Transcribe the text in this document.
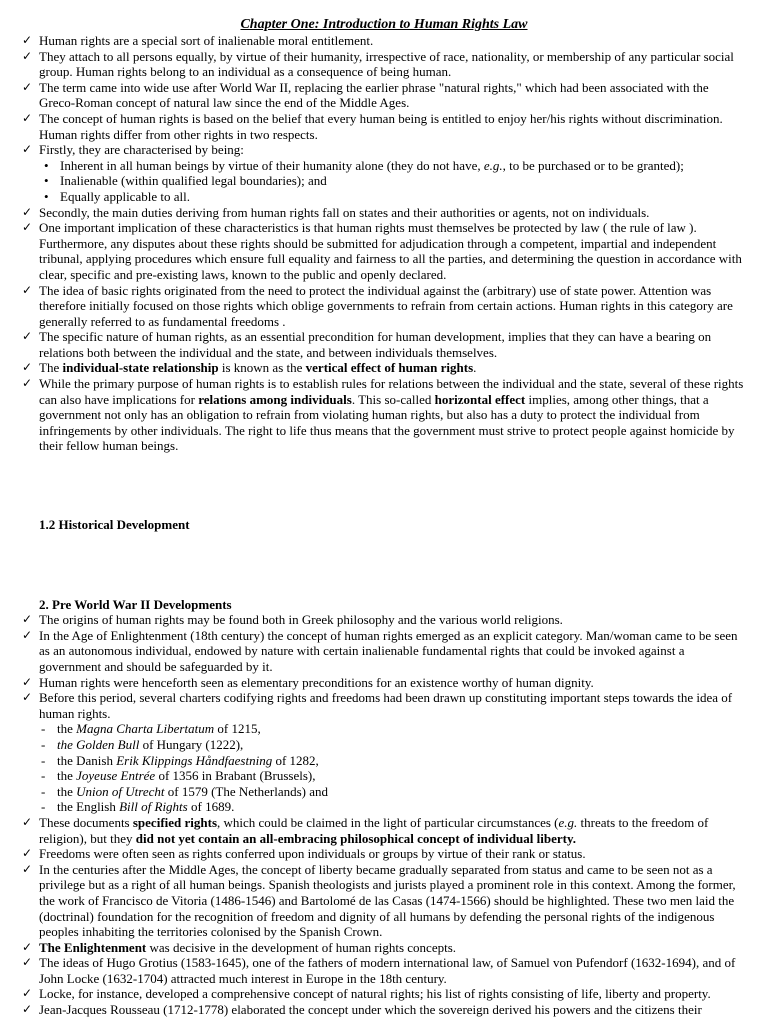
Chapter One: Introduction to Human Rights Law
✓ Human rights are a special sort of inalienable moral entitlement.
✓ They attach to all persons equally, by virtue of their humanity, irrespective of race, nationality, or membership of any particular social group. Human rights belong to an individual as a consequence of being human.
✓ The term came into wide use after World War II, replacing the earlier phrase "natural rights," which had been associated with the Greco-Roman concept of natural law since the end of the Middle Ages.
✓ The concept of human rights is based on the belief that every human being is entitled to enjoy her/his rights without discrimination. Human rights differ from other rights in two respects.
✓ Firstly, they are characterised by being:
• Inherent in all human beings by virtue of their humanity alone (they do not have, e.g., to be purchased or to be granted);
• Inalienable (within qualified legal boundaries); and
• Equally applicable to all.
✓ Secondly, the main duties deriving from human rights fall on states and their authorities or agents, not on individuals.
✓ One important implication of these characteristics is that human rights must themselves be protected by law ( the rule of law ). Furthermore, any disputes about these rights should be submitted for adjudication through a competent, impartial and independent tribunal, applying procedures which ensure full equality and fairness to all the parties, and determining the question in accordance with clear, specific and pre-existing laws, known to the public and openly declared.
✓ The idea of basic rights originated from the need to protect the individual against the (arbitrary) use of state power. Attention was therefore initially focused on those rights which oblige governments to refrain from certain actions. Human rights in this category are generally referred to as fundamental freedoms .
✓ The specific nature of human rights, as an essential precondition for human development, implies that they can have a bearing on relations both between the individual and the state, and between individuals themselves.
✓ The individual-state relationship is known as the vertical effect of human rights.
✓ While the primary purpose of human rights is to establish rules for relations between the individual and the state, several of these rights can also have implications for relations among individuals. This so-called horizontal effect implies, among other things, that a government not only has an obligation to refrain from violating human rights, but also has a duty to protect the individual from infringements by other individuals. The right to life thus means that the government must strive to protect people against homicide by their fellow human beings.
1.2 Historical Development
2. Pre World War II Developments
✓ The origins of human rights may be found both in Greek philosophy and the various world religions.
✓ In the Age of Enlightenment (18th century) the concept of human rights emerged as an explicit category. Man/woman came to be seen as an autonomous individual, endowed by nature with certain inalienable fundamental rights that could be invoked against a government and should be safeguarded by it.
✓ Human rights were henceforth seen as elementary preconditions for an existence worthy of human dignity.
✓ Before this period, several charters codifying rights and freedoms had been drawn up constituting important steps towards the idea of human rights.
- the Magna Charta Libertatum of 1215,
- the Golden Bull of Hungary (1222),
- the Danish Erik Klippings Håndfaestning of 1282,
- the Joyeuse Entrée of 1356 in Brabant (Brussels),
- the Union of Utrecht of 1579 (The Netherlands) and
- the English Bill of Rights of 1689.
✓ These documents specified rights, which could be claimed in the light of particular circumstances (e.g. threats to the freedom of religion), but they did not yet contain an all-embracing philosophical concept of individual liberty.
✓ Freedoms were often seen as rights conferred upon individuals or groups by virtue of their rank or status.
✓ In the centuries after the Middle Ages, the concept of liberty became gradually separated from status and came to be seen not as a privilege but as a right of all human beings. Spanish theologists and jurists played a prominent role in this context. Among the former, the work of Francisco de Vitoria (1486-1546) and Bartolomé de las Casas (1474-1566) should be highlighted. These two men laid the (doctrinal) foundation for the recognition of freedom and dignity of all humans by defending the personal rights of the indigenous peoples inhabiting the territories colonised by the Spanish Crown.
✓ The Enlightenment was decisive in the development of human rights concepts.
✓ The ideas of Hugo Grotius (1583-1645), one of the fathers of modern international law, of Samuel von Pufendorf (1632-1694), and of John Locke (1632-1704) attracted much interest in Europe in the 18th century.
✓ Locke, for instance, developed a comprehensive concept of natural rights; his list of rights consisting of life, liberty and property.
✓ Jean-Jacques Rousseau (1712-1778) elaborated the concept under which the sovereign derived his powers and the citizens their
